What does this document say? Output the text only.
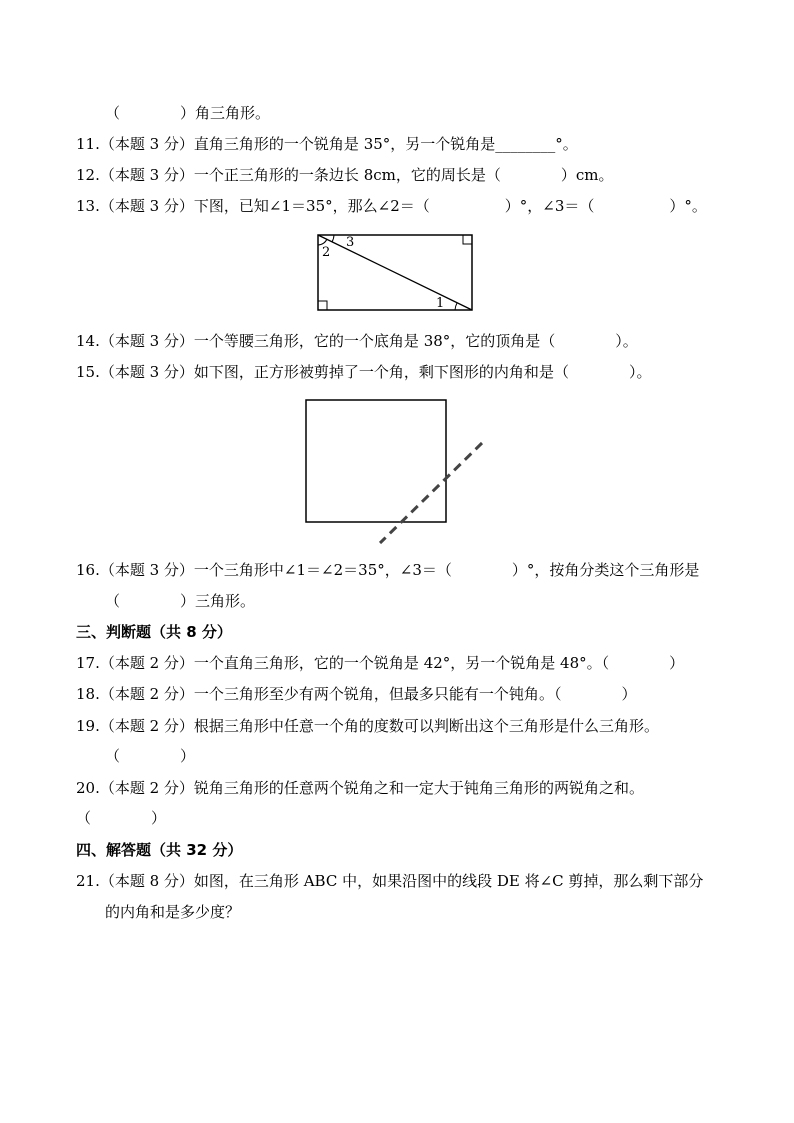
（　　　　）角三角形。
11.（本题 3 分）直角三角形的一个锐角是 35°，另一个锐角是________°。
12.（本题 3 分）一个正三角形的一条边长 8cm，它的周长是（　　　　）cm。
13.（本题 3 分）下图，已知∠1＝35°，那么∠2＝（　　　　　）°，∠3＝（　　　　　）°。
2
3
1
14.（本题 3 分）一个等腰三角形，它的一个底角是 38°，它的顶角是（　　　　）。
15.（本题 3 分）如下图，正方形被剪掉了一个角，剩下图形的内角和是（　　　　）。
16.（本题 3 分）一个三角形中∠1＝∠2＝35°，∠3＝（　　　　）°，按角分类这个三角形是
（　　　　）三角形。
三、判断题（共 8 分）
17.（本题 2 分）一个直角三角形，它的一个锐角是 42°，另一个锐角是 48°。（　　　　）
18.（本题 2 分）一个三角形至少有两个锐角，但最多只能有一个钝角。（　　　　）
19.（本题 2 分）根据三角形中任意一个角的度数可以判断出这个三角形是什么三角形。
（　　　　）
20.（本题 2 分）锐角三角形的任意两个锐角之和一定大于钝角三角形的两锐角之和。
（　　　　）
四、解答题（共 32 分）
21.（本题 8 分）如图，在三角形 ABC 中，如果沿图中的线段 DE 将∠C 剪掉，那么剩下部分
的内角和是多少度？
